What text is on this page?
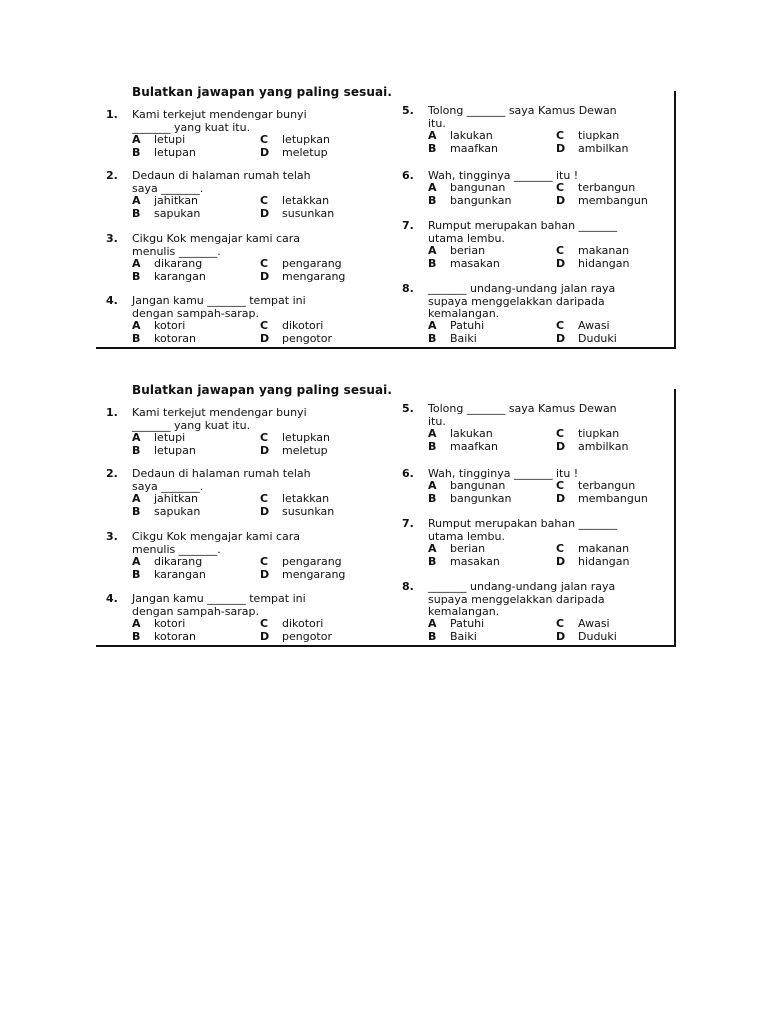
Bulatkan jawapan yang paling sesuai.
1. Kami terkejut mendengar bunyi
_______ yang kuat itu.
A letupi	C letupkan
B letupan	D meletup
2. Dedaun di halaman rumah telah
saya _______.
A jahitkan	C letakkan
B sapukan	D susunkan
3. Cikgu Kok mengajar kami cara
menulis _______.
A dikarang	C pengarang
B karangan	D mengarang
4. Jangan kamu _______ tempat ini
dengan sampah-sarap.
A kotori	C dikotori
B kotoran	D pengotor
5. Tolong _______ saya Kamus Dewan
itu.
A lakukan	C tiupkan
B maafkan	D ambilkan
6. Wah, tingginya _______ itu !
A bangunan	C terbangun
B bangunkan	D membangun
7. Rumput merupakan bahan _______
utama lembu.
A berian	C makanan
B masakan	D hidangan
8. _______ undang-undang jalan raya
supaya menggelakkan daripada
kemalangan.
A Patuhi	C Awasi
B Baiki	D Duduki
Bulatkan jawapan yang paling sesuai.
1. Kami terkejut mendengar bunyi
_______ yang kuat itu.
A letupi	C letupkan
B letupan	D meletup
2. Dedaun di halaman rumah telah
saya _______.
A jahitkan	C letakkan
B sapukan	D susunkan
3. Cikgu Kok mengajar kami cara
menulis _______.
A dikarang	C pengarang
B karangan	D mengarang
4. Jangan kamu _______ tempat ini
dengan sampah-sarap.
A kotori	C dikotori
B kotoran	D pengotor
5. Tolong _______ saya Kamus Dewan
itu.
A lakukan	C tiupkan
B maafkan	D ambilkan
6. Wah, tingginya _______ itu !
A bangunan	C terbangun
B bangunkan	D membangun
7. Rumput merupakan bahan _______
utama lembu.
A berian	C makanan
B masakan	D hidangan
8. _______ undang-undang jalan raya
supaya menggelakkan daripada
kemalangan.
A Patuhi	C Awasi
B Baiki	D Duduki
